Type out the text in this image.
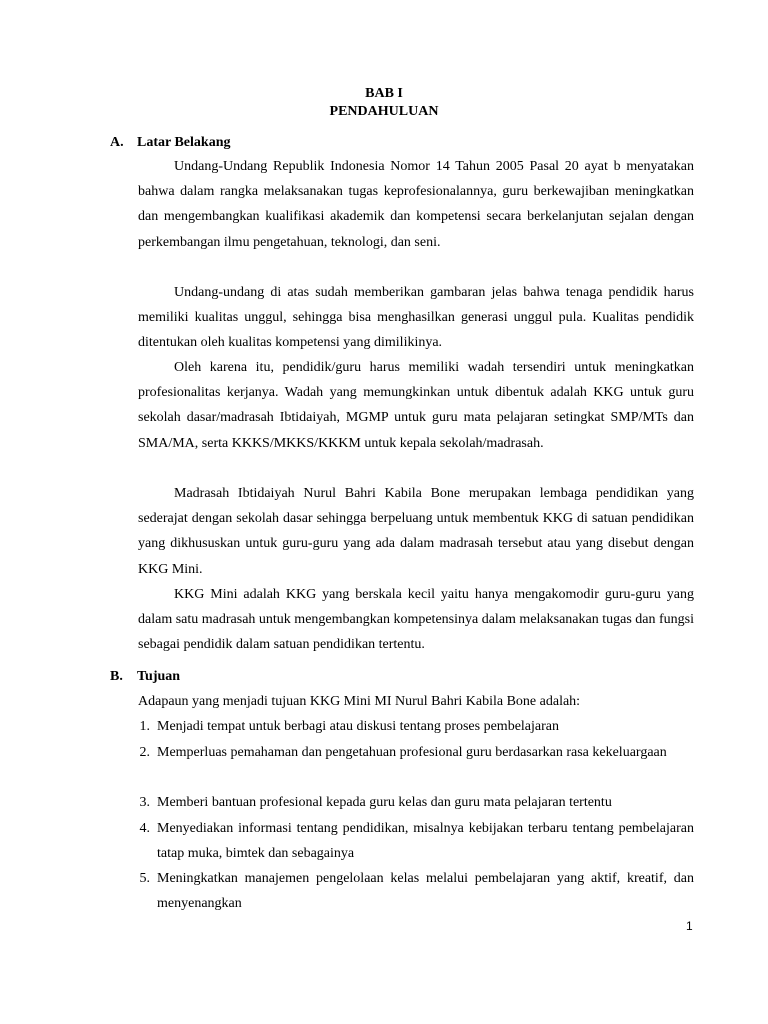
BAB I
PENDAHULUAN
A. Latar Belakang

Undang-Undang Republik Indonesia Nomor 14 Tahun 2005 Pasal 20 ayat b menyatakan bahwa dalam rangka melaksanakan tugas keprofesionalannya, guru berkewajiban meningkatkan dan mengembangkan kualifikasi akademik dan kompetensi secara berkelanjutan sejalan dengan perkembangan ilmu pengetahuan, teknologi, dan seni.

Undang-undang di atas sudah memberikan gambaran jelas bahwa tenaga pendidik harus memiliki kualitas unggul, sehingga bisa menghasilkan generasi unggul pula. Kualitas pendidik ditentukan oleh kualitas kompetensi yang dimilikinya.

Oleh karena itu, pendidik/guru harus memiliki wadah tersendiri untuk meningkatkan profesionalitas kerjanya. Wadah yang memungkinkan untuk dibentuk adalah KKG untuk guru sekolah dasar/madrasah Ibtidaiyah, MGMP untuk guru mata pelajaran setingkat SMP/MTs dan SMA/MA, serta KKKS/MKKS/KKKM untuk kepala sekolah/madrasah.

Madrasah Ibtidaiyah Nurul Bahri Kabila Bone merupakan lembaga pendidikan yang sederajat dengan sekolah dasar sehingga berpeluang untuk membentuk KKG di satuan pendidikan yang dikhususkan untuk guru-guru yang ada dalam madrasah tersebut atau yang disebut dengan KKG Mini.

KKG Mini adalah KKG yang berskala kecil yaitu hanya mengakomodir guru-guru yang dalam satu madrasah untuk mengembangkan kompetensinya dalam melaksanakan tugas dan fungsi sebagai pendidik dalam satuan pendidikan tertentu.

B. Tujuan

Adapaun yang menjadi tujuan KKG Mini MI Nurul Bahri Kabila Bone adalah:

1. Menjadi tempat untuk berbagi atau diskusi tentang proses pembelajaran
2. Memperluas pemahaman dan pengetahuan profesional guru berdasarkan rasa kekeluargaan
3. Memberi bantuan profesional kepada guru kelas dan guru mata pelajaran tertentu
4. Menyediakan informasi tentang pendidikan, misalnya kebijakan terbaru tentang pembelajaran tatap muka, bimtek dan sebagainya
5. Meningkatkan manajemen pengelolaan kelas melalui pembelajaran yang aktif, kreatif, dan menyenangkan
1
